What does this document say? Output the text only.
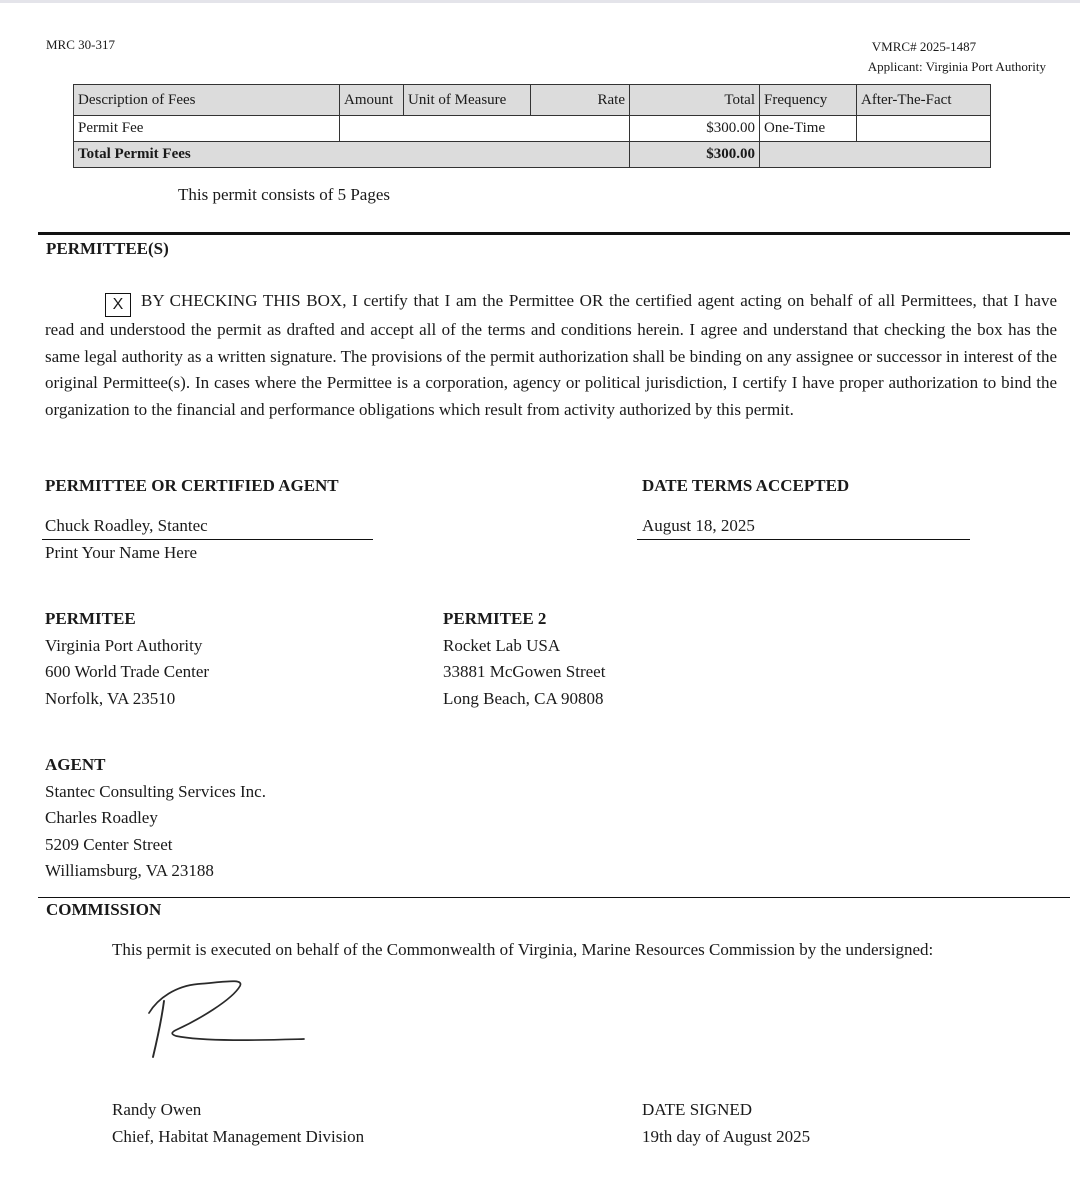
MRC 30-317	VMRC# 2025-1487
Applicant: Virginia Port Authority
Description of Fees	Amount	Unit of Measure	Rate	Total	Frequency	After-The-Fact
Permit Fee				$300.00	One-Time	
Total Permit Fees				$300.00		
This permit consists of 5 Pages
PERMITTEE(S)
X BY CHECKING THIS BOX, I certify that I am the Permittee OR the certified agent acting on behalf of all Permittees, that I have read and understood the permit as drafted and accept all of the terms and conditions herein. I agree and understand that checking the box has the same legal authority as a written signature. The provisions of the permit authorization shall be binding on any assignee or successor in interest of the original Permittee(s). In cases where the Permittee is a corporation, agency or political jurisdiction, I certify I have proper authorization to bind the organization to the financial and performance obligations which result from activity authorized by this permit.
PERMITTEE OR CERTIFIED AGENT	DATE TERMS ACCEPTED
Chuck Roadley, Stantec
Print Your Name Here
August 18, 2025
PERMITEE
Virginia Port Authority
600 World Trade Center
Norfolk, VA 23510
PERMITEE 2
Rocket Lab USA
33881 McGowen Street
Long Beach, CA 90808
AGENT
Stantec Consulting Services Inc.
Charles Roadley
5209 Center Street
Williamsburg, VA 23188
COMMISSION
This permit is executed on behalf of the Commonwealth of Virginia, Marine Resources Commission by the undersigned:
Randy Owen
Chief, Habitat Management Division
DATE SIGNED
19th day of August 2025
